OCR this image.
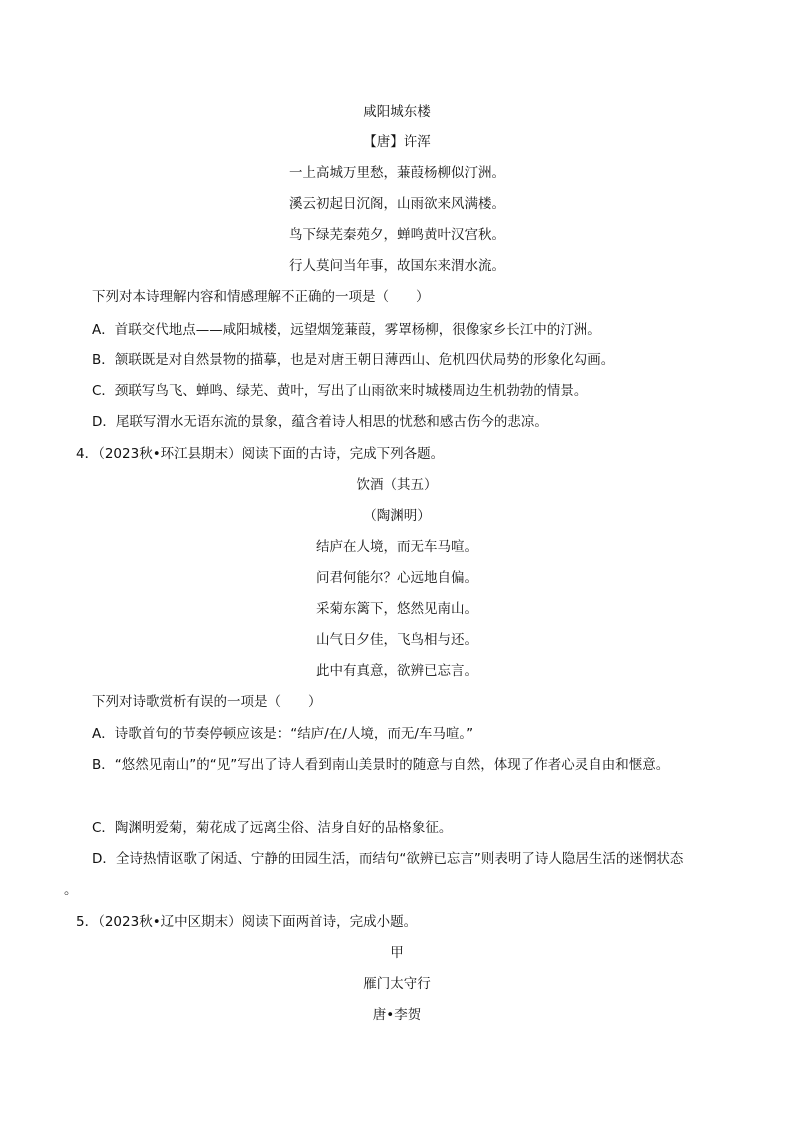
咸阳城东楼
【唐】许浑
一上高城万里愁，蒹葭杨柳似汀洲。
溪云初起日沉阁，山雨欲来风满楼。
鸟下绿芜秦苑夕，蝉鸣黄叶汉宫秋。
行人莫问当年事，故国东来渭水流。
下列对本诗理解内容和情感理解不正确的一项是（　　）
A．首联交代地点——咸阳城楼，远望烟笼蒹葭，雾罩杨柳，很像家乡长江中的汀洲。
B．颔联既是对自然景物的描摹，也是对唐王朝日薄西山、危机四伏局势的形象化勾画。
C．颈联写鸟飞、蝉鸣、绿芜、黄叶，写出了山雨欲来时城楼周边生机勃勃的情景。
D．尾联写渭水无语东流的景象，蕴含着诗人相思的忧愁和感古伤今的悲凉。
4．（2023秋•环江县期末）阅读下面的古诗，完成下列各题。
饮酒（其五）
（陶渊明）
结庐在人境，而无车马喧。
问君何能尔？心远地自偏。
采菊东篱下，悠然见南山。
山气日夕佳，飞鸟相与还。
此中有真意，欲辨已忘言。
下列对诗歌赏析有误的一项是（　　）
A．诗歌首句的节奏停顿应该是：“结庐/在/人境，而无/车马喧。”
B．“悠然见南山”的“见”写出了诗人看到南山美景时的随意与自然，体现了作者心灵自由和惬意。
C．陶渊明爱菊，菊花成了远离尘俗、洁身自好的品格象征。
D．全诗热情讴歌了闲适、宁静的田园生活，而结句“欲辨已忘言”则表明了诗人隐居生活的迷惘状态
。
5．（2023秋•辽中区期末）阅读下面两首诗，完成小题。
甲
雁门太守行
唐•李贺
